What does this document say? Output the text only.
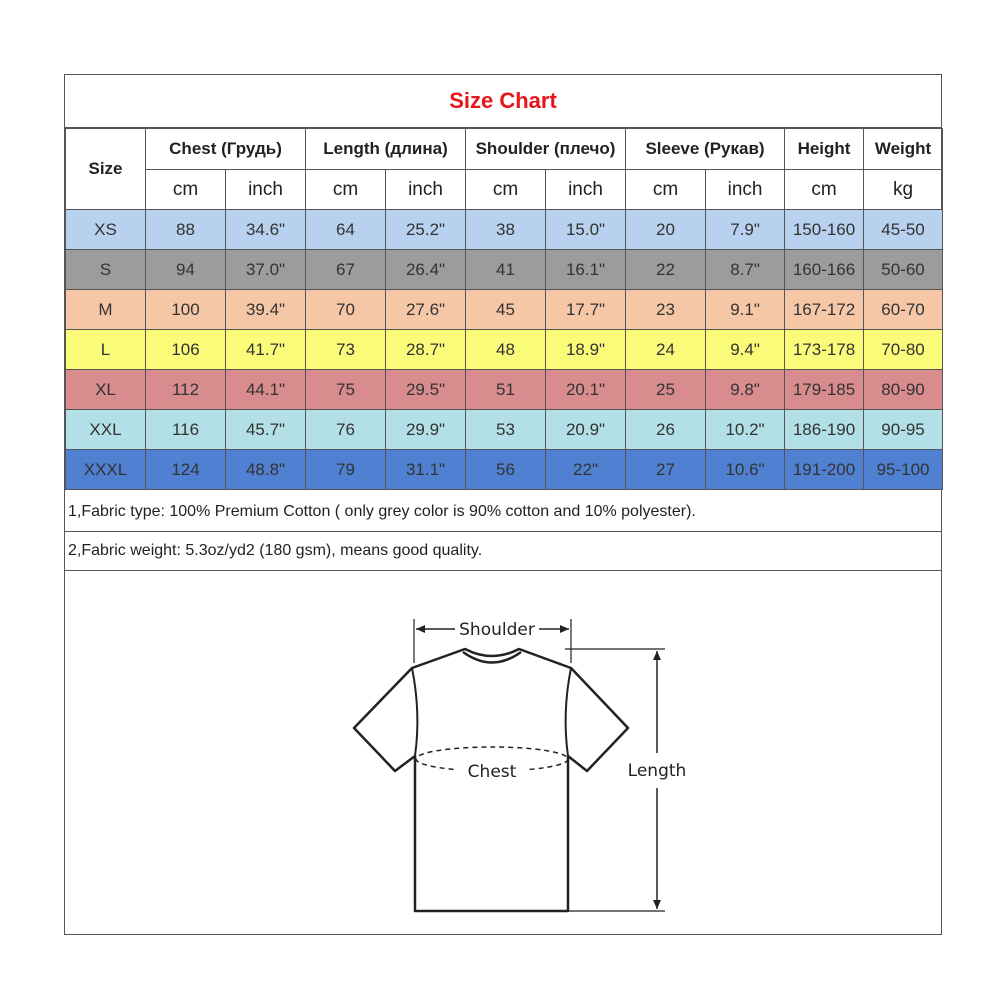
Size Chart
Size	Chest (Грудь)		Length (длина)		Shoulder (плечо)		Sleeve (Рукав)		Height	Weight
	cm	inch	cm	inch	cm	inch	cm	inch	cm	kg
XS	88	34.6"	64	25.2"	38	15.0"	20	7.9"	150-160	45-50
S	94	37.0"	67	26.4"	41	16.1"	22	8.7"	160-166	50-60
M	100	39.4"	70	27.6"	45	17.7"	23	9.1"	167-172	60-70
L	106	41.7"	73	28.7"	48	18.9"	24	9.4"	173-178	70-80
XL	112	44.1"	75	29.5"	51	20.1"	25	9.8"	179-185	80-90
XXL	116	45.7"	76	29.9"	53	20.9"	26	10.2"	186-190	90-95
XXXL	124	48.8"	79	31.1"	56	22"	27	10.6"	191-200	95-100
1,Fabric type: 100% Premium Cotton ( only grey color is 90% cotton and 10% polyester).
2,Fabric weight: 5.3oz/yd2 (180 gsm), means good quality.
Chest
Shoulder
Length
